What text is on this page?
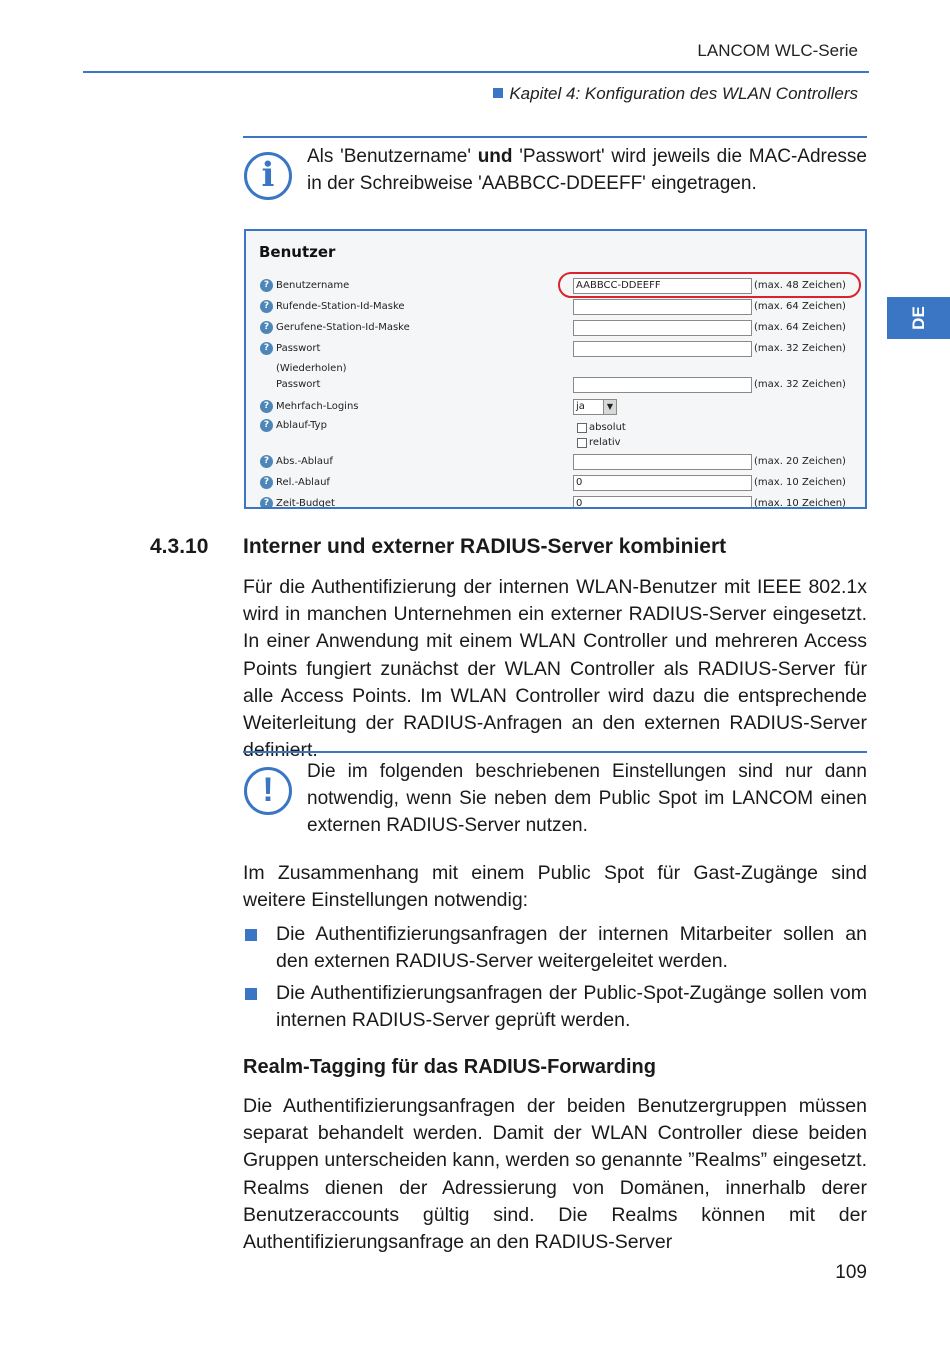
LANCOM WLC-Serie
Kapitel 4: Konfiguration des WLAN Controllers
i	Als 'Benutzername' und 'Passwort' wird jeweils die MAC-Adresse in der Schreibweise 'AABBCC-DDEEFF' eingetragen.
Benutzer
? Benutzername	AABBCC-DDEEFF	(max. 48 Zeichen)
? Rufende-Station-Id-Maske	(max. 64 Zeichen)
? Gerufene-Station-Id-Maske	(max. 64 Zeichen)
? Passwort	(max. 32 Zeichen)
(Wiederholen)
Passwort	(max. 32 Zeichen)
? Mehrfach-Logins	ja	▼
? Ablauf-Typ	absolut
relativ
? Abs.-Ablauf	(max. 20 Zeichen)
? Rel.-Ablauf	0	(max. 10 Zeichen)
? Zeit-Budget	0	(max. 10 Zeichen)
DE
4.3.10 Interner und externer RADIUS-Server kombiniert
Für die Authentifizierung der internen WLAN-Benutzer mit IEEE 802.1x wird in manchen Unternehmen ein externer RADIUS-Server eingesetzt. In einer Anwendung mit einem WLAN Controller und mehreren Access Points fungiert zunächst der WLAN Controller als RADIUS-Server für alle Access Points. Im WLAN Controller wird dazu die entsprechende Weiterleitung der RADIUS-Anfragen an den externen RADIUS-Server
!	Die im folgenden beschriebenen Einstellungen sind nur dann notwendig, wenn Sie neben dem Public Spot im LANCOM einen externen RADIUS-Server nutzen.
Im Zusammenhang mit einem Public Spot für Gast-Zugänge sind weitere Einstellungen notwendig:
Die Authentifizierungsanfragen der internen Mitarbeiter sollen an den externen RADIUS-Server weitergeleitet werden.
Die Authentifizierungsanfragen der Public-Spot-Zugänge sollen vom internen RADIUS-Server geprüft werden.
Realm-Tagging für das RADIUS-Forwarding
Die Authentifizierungsanfragen der beiden Benutzergruppen müssen separat behandelt werden. Damit der WLAN Controller diese beiden Gruppen unterscheiden kann, werden so genannte ”Realms” eingesetzt. Realms dienen der Adressierung von Domänen, innerhalb derer Benutzeraccounts gültig sind. Die Realms können mit der Authentifizierungsanfrage an den RADIUS-Server
109
